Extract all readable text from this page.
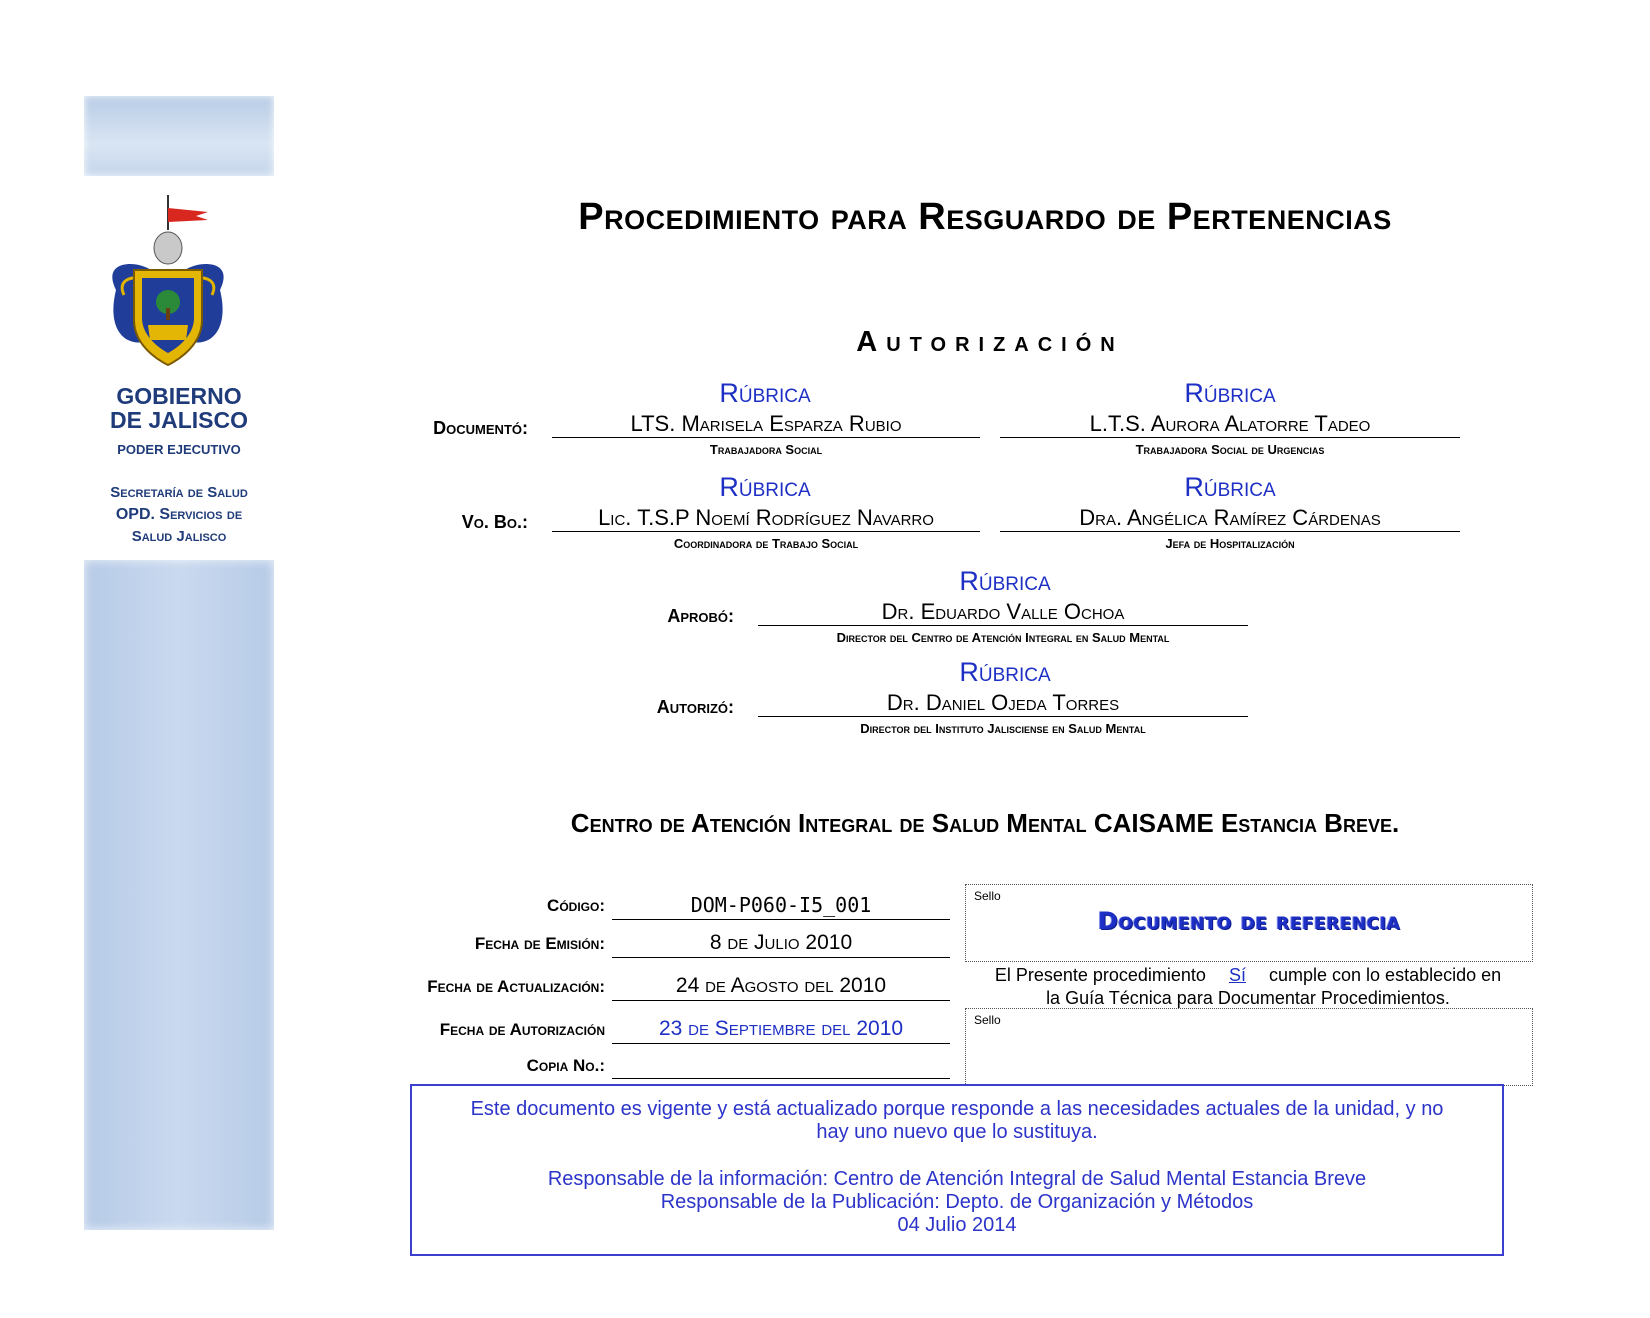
GOBIERNO
DE JALISCO
PODER EJECUTIVO
Secretaría de Salud
OPD. Servicios de
Salud Jalisco
Procedimiento para Resguardo de Pertenencias
Autorización
Rúbrica	Rúbrica
Documentó:	LTS. Marisela Esparza Rubio	L.T.S. Aurora Alatorre Tadeo
Trabajadora Social	Trabajadora Social de Urgencias
Rúbrica	Rúbrica
Vo. Bo.:	Lic. T.S.P Noemí Rodríguez Navarro	Dra. Angélica Ramírez Cárdenas
Coordinadora de Trabajo Social	Jefa de Hospitalización
Rúbrica
Aprobó:	Dr. Eduardo Valle Ochoa
Director del Centro de Atención Integral en Salud Mental
Rúbrica
Autorizó:	Dr. Daniel Ojeda Torres
Director del Instituto Jalisciense en Salud Mental
Centro de Atención Integral de Salud Mental CAISAME Estancia Breve.
Código:	DOM-P060-I5_001
Fecha de Emisión:	8 de Julio 2010
Fecha de Actualización:	24 de Agosto del 2010
Fecha de Autorización	23 de Septiembre del 2010
Copia No.:
Sello
Documento de referencia
El Presente procedimiento Sí cumple con lo establecido en
la Guía Técnica para Documentar Procedimientos.
Sello
Este documento es vigente y está actualizado porque responde a las necesidades actuales de la unidad, y no
hay uno nuevo que lo sustituya.
Responsable de la información: Centro de Atención Integral de Salud Mental Estancia Breve
Responsable de la Publicación: Depto. de Organización y Métodos
04 Julio 2014
